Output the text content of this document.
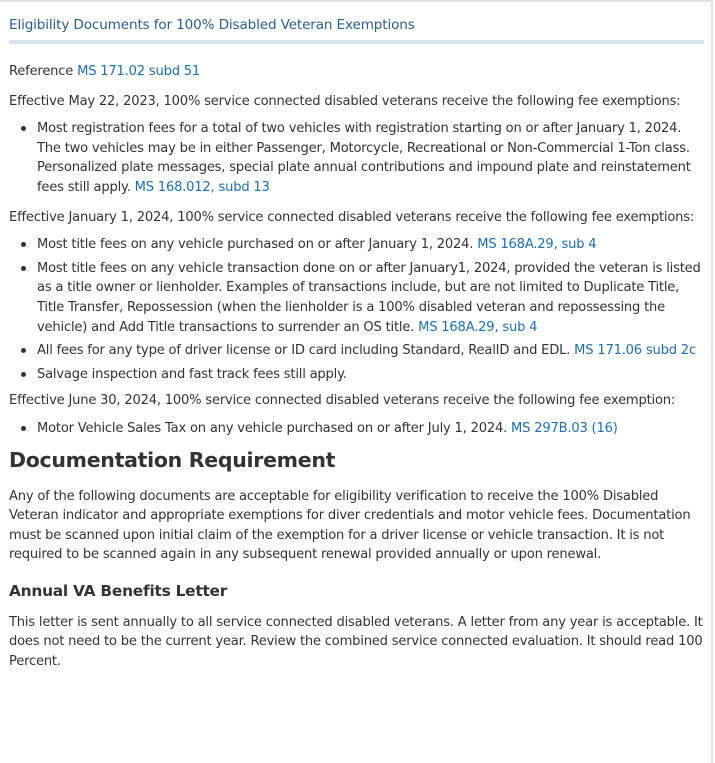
Eligibility Documents for 100% Disabled Veteran Exemptions

Reference MS 171.02 subd 51

Effective May 22, 2023, 100% service connected disabled veterans receive the following fee exemptions:

Most registration fees for a total of two vehicles with registration starting on or after January 1, 2024. The two vehicles may be in either Passenger, Motorcycle, Recreational or Non-Commercial 1-Ton class. Personalized plate messages, special plate annual contributions and impound plate and reinstatement fees still apply. MS 168.012, subd 13

Effective January 1, 2024, 100% service connected disabled veterans receive the following fee exemptions:

Most title fees on any vehicle purchased on or after January 1, 2024. MS 168A.29, sub 4
Most title fees on any vehicle transaction done on or after January1, 2024, provided the veteran is listed as a title owner or lienholder. Examples of transactions include, but are not limited to Duplicate Title, Title Transfer, Repossession (when the lienholder is a 100% disabled veteran and repossessing the vehicle) and Add Title transactions to surrender an OS title. MS 168A.29, sub 4
All fees for any type of driver license or ID card including Standard, RealID and EDL. MS 171.06 subd 2c
Salvage inspection and fast track fees still apply.

Effective June 30, 2024, 100% service connected disabled veterans receive the following fee exemption:

Motor Vehicle Sales Tax on any vehicle purchased on or after July 1, 2024. MS 297B.03 (16)
Documentation Requirement

Any of the following documents are acceptable for eligibility verification to receive the 100% Disabled Veteran indicator and appropriate exemptions for diver credentials and motor vehicle fees. Documentation must be scanned upon initial claim of the exemption for a driver license or vehicle transaction. It is not required to be scanned again in any subsequent renewal provided annually or upon renewal.

Annual VA Benefits Letter

This letter is sent annually to all service connected disabled veterans. A letter from any year is acceptable. It does not need to be the current year. Review the combined service connected evaluation. It should read 100 Percent.
